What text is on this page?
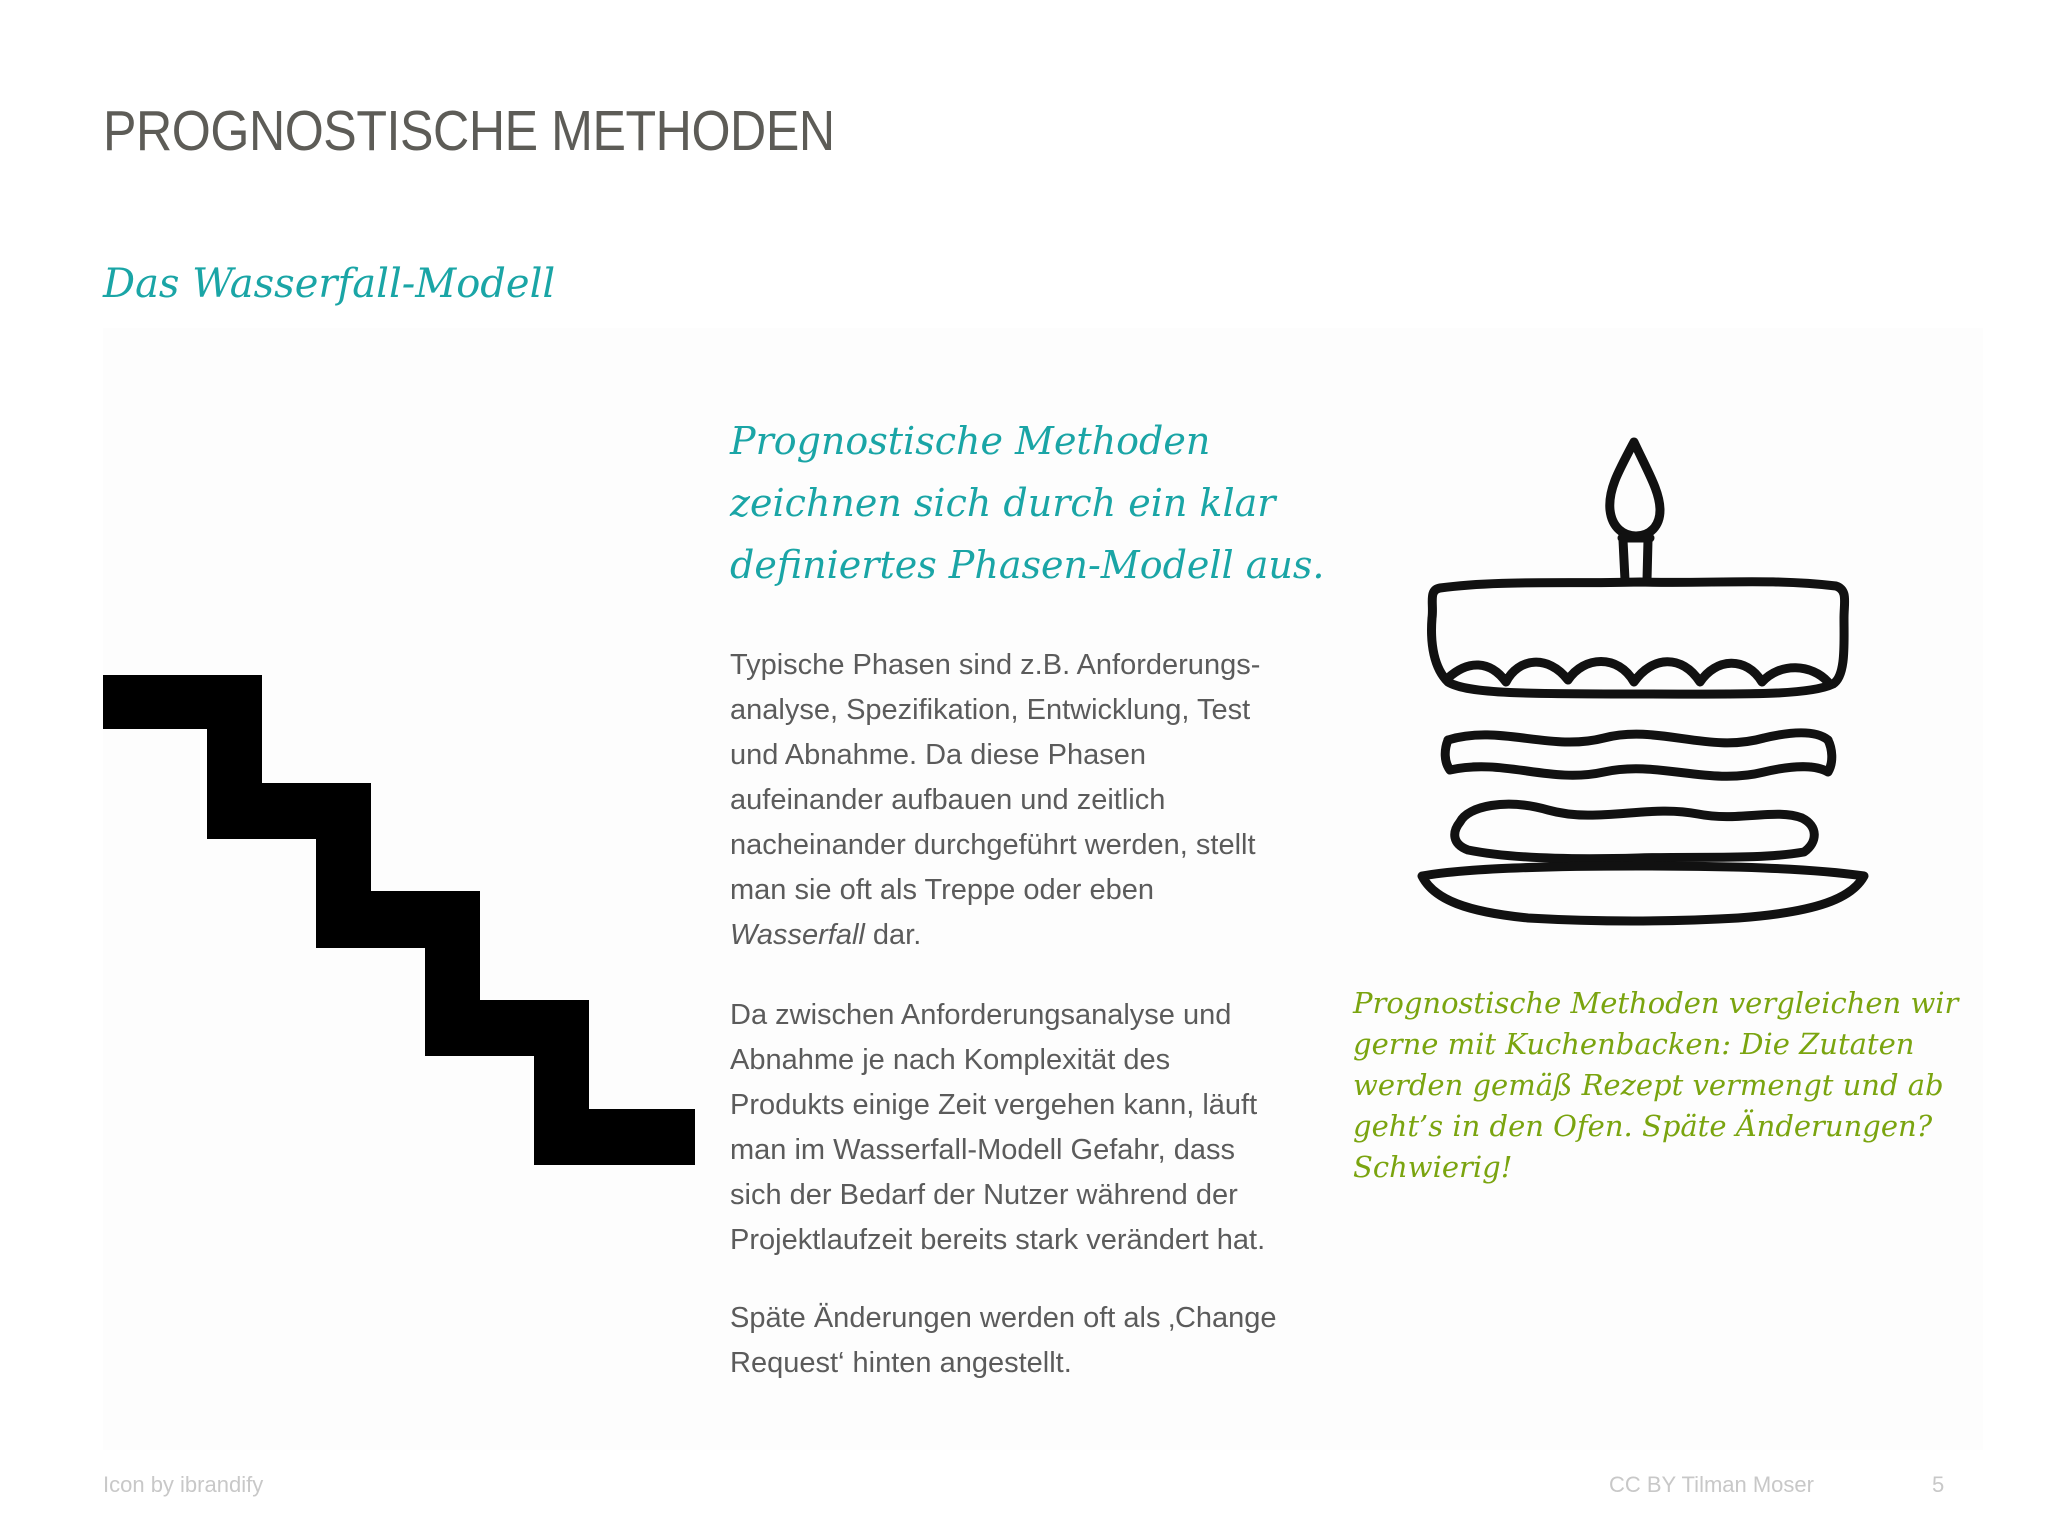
PROGNOSTISCHE METHODEN
Das Wasserfall-Modell
Prognostische Methoden
zeichnen sich durch ein klar
definiertes Phasen-Modell aus.
Typische Phasen sind z.B. Anforderungs-
analyse, Spezifikation, Entwicklung, Test
und Abnahme. Da diese Phasen
aufeinander aufbauen und zeitlich
nacheinander durchgeführt werden, stellt
man sie oft als Treppe oder eben
Wasserfall dar.
Da zwischen Anforderungsanalyse und
Abnahme je nach Komplexität des
Produkts einige Zeit vergehen kann, läuft
man im Wasserfall-Modell Gefahr, dass
sich der Bedarf der Nutzer während der
Projektlaufzeit bereits stark verändert hat.
Späte Änderungen werden oft als ‚Change
Request‘ hinten angestellt.
Prognostische Methoden vergleichen wir
gerne mit Kuchenbacken: Die Zutaten
werden gemäß Rezept vermengt und ab
geht’s in den Ofen. Späte Änderungen?
Schwierig!
Icon by ibrandify	CC BY Tilman Moser	5
